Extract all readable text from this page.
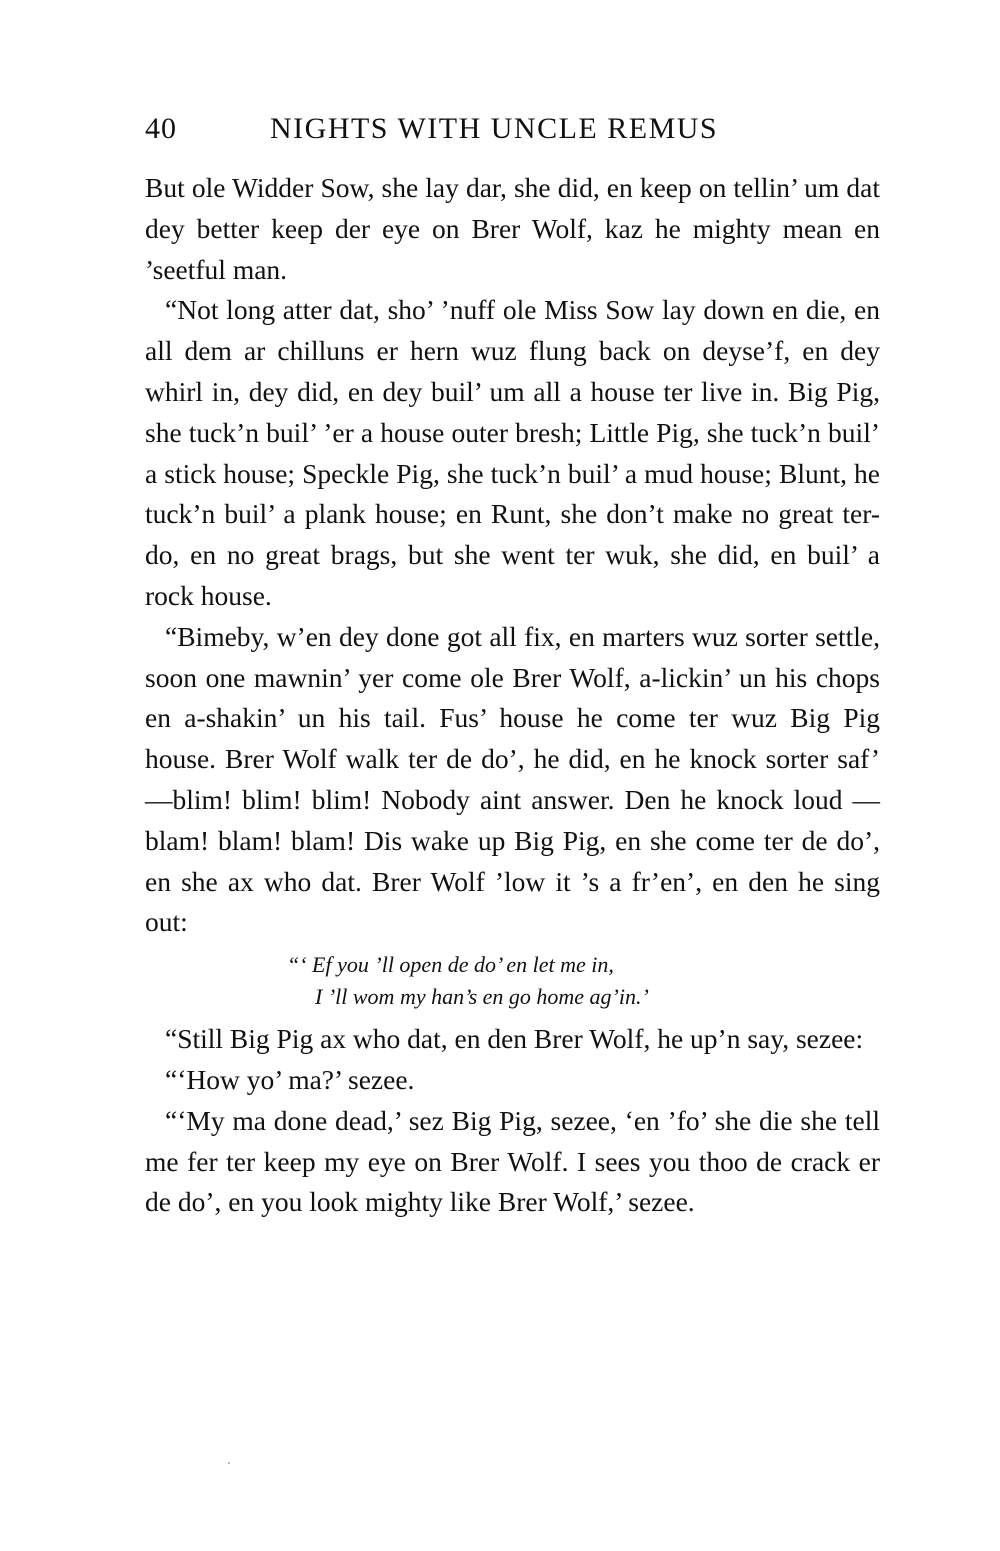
40	NIGHTS WITH UNCLE REMUS

But ole Widder Sow, she lay dar, she did, en keep on tellin’ um dat dey better keep der eye on Brer Wolf, kaz he mighty mean en ’seetful man.

“Not long atter dat, sho’ ’nuff ole Miss Sow lay down en die, en all dem ar chilluns er hern wuz flung back on deyse’f, en dey whirl in, dey did, en dey buil’ um all a house ter live in. Big Pig, she tuck’n buil’ ’er a house outer bresh; Little Pig, she tuck’n buil’ a stick house; Speckle Pig, she tuck’n buil’ a mud house; Blunt, he tuck’n buil’ a plank house; en Runt, she don’t make no great ter-do, en no great brags, but she went ter wuk, she did, en buil’ a rock house.

“Bimeby, w’en dey done got all fix, en marters wuz sorter settle, soon one mawnin’ yer come ole Brer Wolf, a-lickin’ un his chops en a-shakin’ un his tail. Fus’ house he come ter wuz Big Pig house. Brer Wolf walk ter de do’, he did, en he knock sorter saf’ —blim! blim! blim! Nobody aint answer. Den he knock loud —blam! blam! blam! Dis wake up Big Pig, en she come ter de do’, en she ax who dat. Brer Wolf ’low it ’s a fr’en’, en den he sing out:

“‘ Ef you ’ll open de do’ en let me in,
I ’ll wom my han’s en go home ag’in.’

“Still Big Pig ax who dat, en den Brer Wolf, he up’n say, sezee:

“‘How yo’ ma?’ sezee.

“‘My ma done dead,’ sez Big Pig, sezee, ‘en ’fo’ she die she tell me fer ter keep my eye on Brer Wolf. I sees you thoo de crack er de do’, en you look mighty like Brer Wolf,’ sezee.
